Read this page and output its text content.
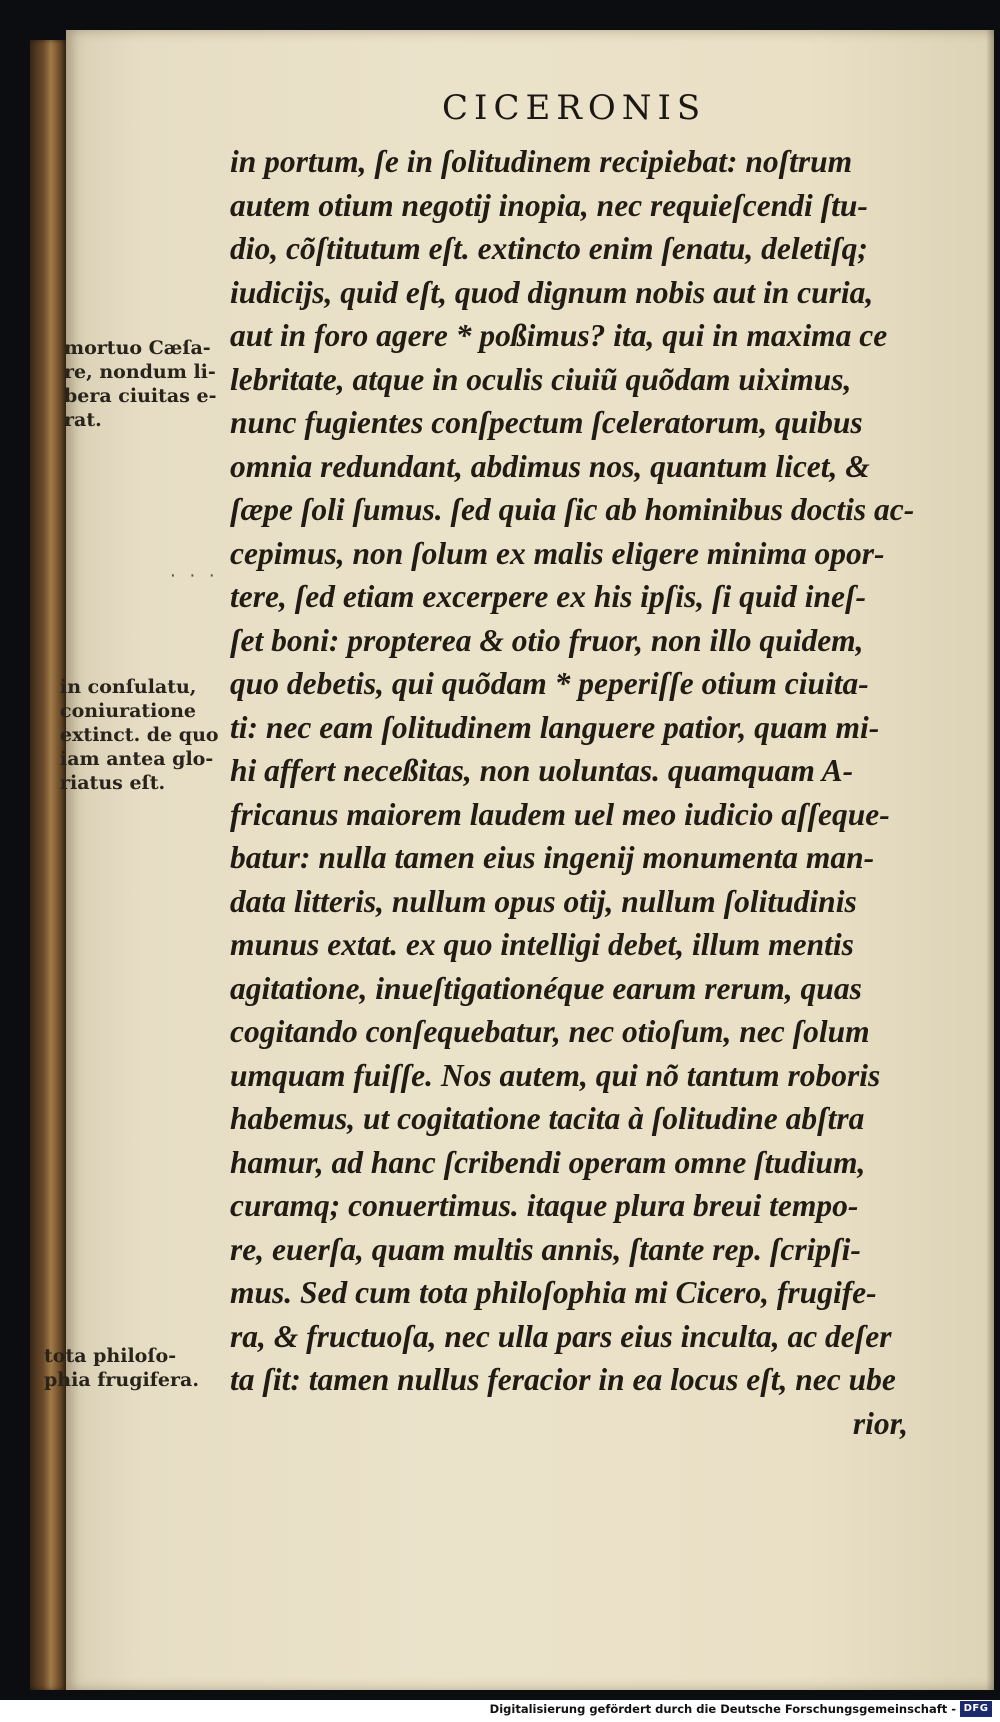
CICERONIS
in portum, ſe in ſolitudinem recipiebat: noſtrum
autem otium negotij inopia, nec requieſcendi ſtu-
dio, cõſtitutum eſt. extincto enim ſenatu, deletiſq;
iudicijs, quid eſt, quod dignum nobis aut in curia,
aut in foro agere * poßimus? ita, qui in maxima ce
lebritate, atque in oculis ciuiũ quõdam uiximus,
nunc fugientes conſpectum ſceleratorum, quibus
omnia redundant, abdimus nos, quantum licet, &
ſæpe ſoli ſumus. ſed quia ſic ab hominibus doctis ac-
cepimus, non ſolum ex malis eligere minima opor-
tere, ſed etiam excerpere ex his ipſis, ſi quid ineſ-
ſet boni: propterea & otio fruor, non illo quidem,
quo debetis, qui quõdam * peperiſſe otium ciuita-
ti: nec eam ſolitudinem languere patior, quam mi-
hi affert neceßitas, non uoluntas. quamquam A-
fricanus maiorem laudem uel meo iudicio aſſeque-
batur: nulla tamen eius ingenij monumenta man-
data litteris, nullum opus otij, nullum ſolitudinis
munus extat. ex quo intelligi debet, illum mentis
agitatione, inueſtigationéque earum rerum, quas
cogitando conſequebatur, nec otioſum, nec ſolum
umquam fuiſſe. Nos autem, qui nõ tantum roboris
habemus, ut cogitatione tacita à ſolitudine abſtra
hamur, ad hanc ſcribendi operam omne ſtudium,
curamq; conuertimus. itaque plura breui tempo-
re, euerſa, quam multis annis, ſtante rep. ſcripſi-
mus. Sed cum tota philoſophia mi Cicero, frugife-
ra, & fructuoſa, nec ulla pars eius inculta, ac deſer
ta ſit: tamen nullus feracior in ea locus eſt, nec ube
rior,
mortuo Cæſa-
re, nondum li-
bera ciuitas e-
rat.
in conſulatu,
coniuratione
extinct. de quo
iam antea glo-
riatus eſt.
tota philoſo-
phia frugifera.
‧ ‧ ‧
Digitalisierung gefördert durch die Deutsche Forschungsgemeinschaft - DFG
